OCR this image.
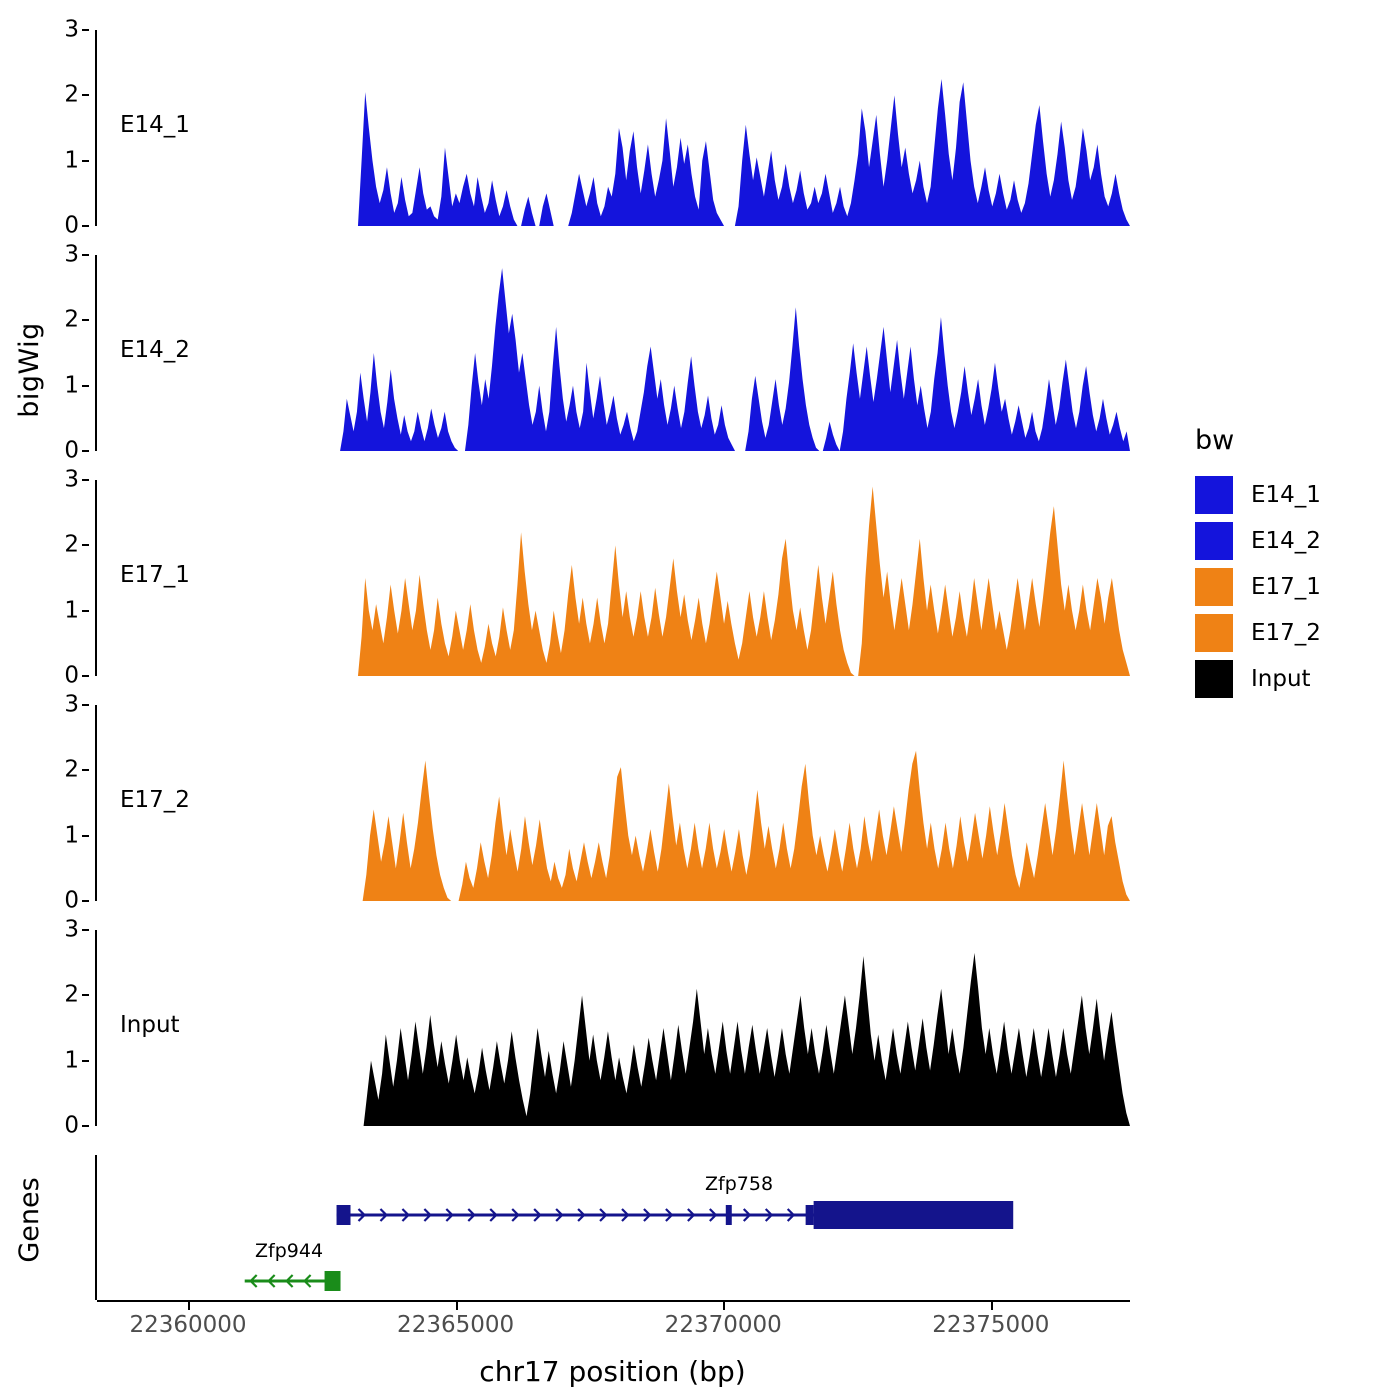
bigWig
Genes
0
1
2
3
E14_1
0
1
2
3
E14_2
0
1
2
3
E17_1
0
1
2
3
E17_2
0
1
2
3
Input
Zfp758
Zfp944
22360000	22365000	22370000	22375000
chr17 position (bp)
bw
E14_1
E14_2
E17_1
E17_2
Input
